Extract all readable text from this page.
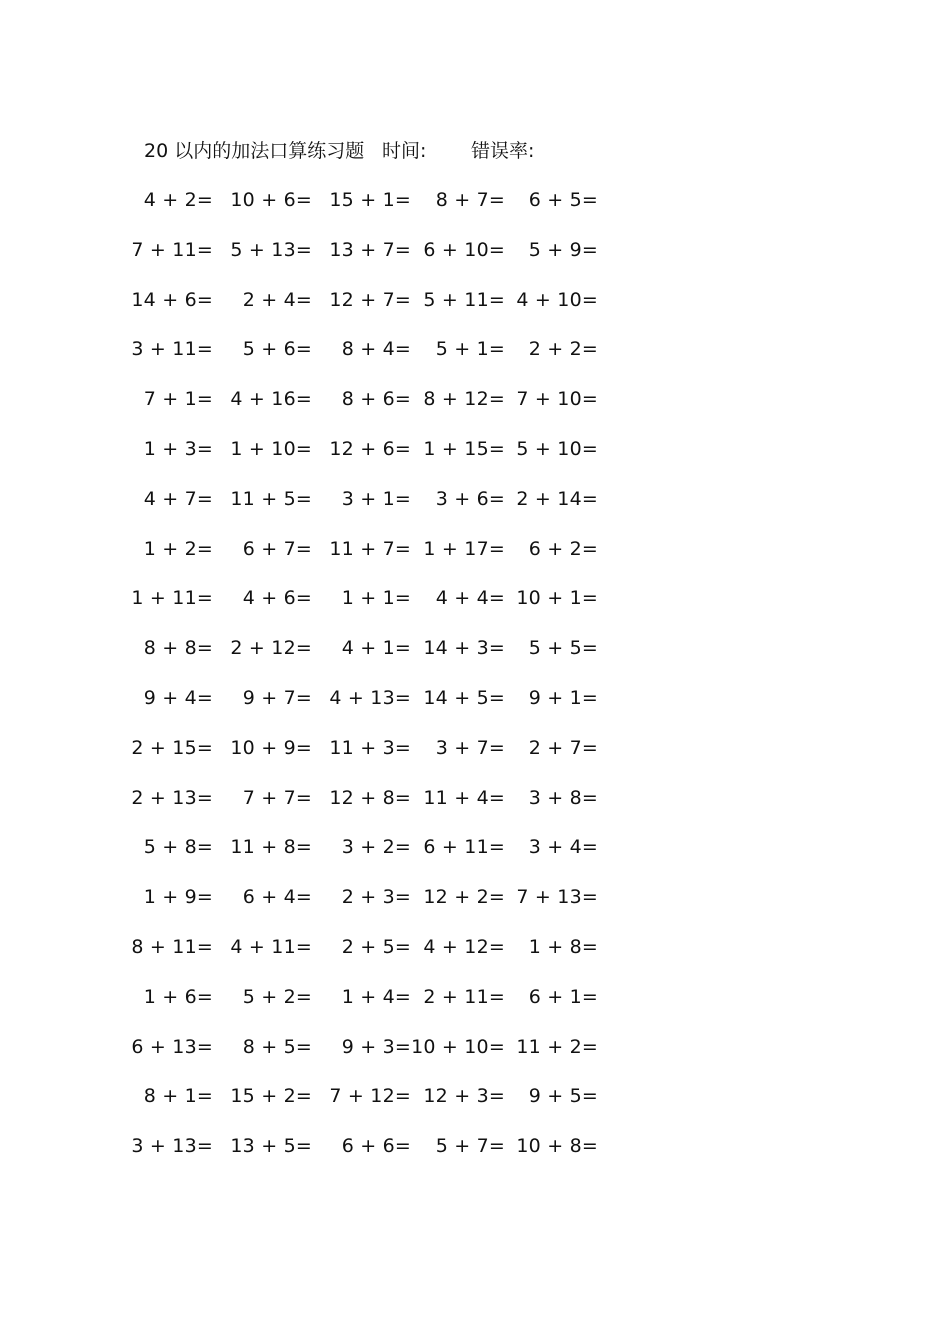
20 以内的加法口算练习题 时间: 错误率:
4 + 2= 10 + 6= 15 + 1= 8 + 7= 6 + 5=
7 + 11= 5 + 13= 13 + 7= 6 + 10= 5 + 9=
14 + 6= 2 + 4= 12 + 7= 5 + 11= 4 + 10=
3 + 11= 5 + 6= 8 + 4= 5 + 1= 2 + 2=
7 + 1= 4 + 16= 8 + 6= 8 + 12= 7 + 10=
1 + 3= 1 + 10= 12 + 6= 1 + 15= 5 + 10=
4 + 7= 11 + 5= 3 + 1= 3 + 6= 2 + 14=
1 + 2= 6 + 7= 11 + 7= 1 + 17= 6 + 2=
1 + 11= 4 + 6= 1 + 1= 4 + 4= 10 + 1=
8 + 8= 2 + 12= 4 + 1= 14 + 3= 5 + 5=
9 + 4= 9 + 7= 4 + 13= 14 + 5= 9 + 1=
2 + 15= 10 + 9= 11 + 3= 3 + 7= 2 + 7=
2 + 13= 7 + 7= 12 + 8= 11 + 4= 3 + 8=
5 + 8= 11 + 8= 3 + 2= 6 + 11= 3 + 4=
1 + 9= 6 + 4= 2 + 3= 12 + 2= 7 + 13=
8 + 11= 4 + 11= 2 + 5= 4 + 12= 1 + 8=
1 + 6= 5 + 2= 1 + 4= 2 + 11= 6 + 1=
6 + 13= 8 + 5= 9 + 3= 10 + 10= 11 + 2=
8 + 1= 15 + 2= 7 + 12= 12 + 3= 9 + 5=
3 + 13= 13 + 5= 6 + 6= 5 + 7= 10 + 8=
